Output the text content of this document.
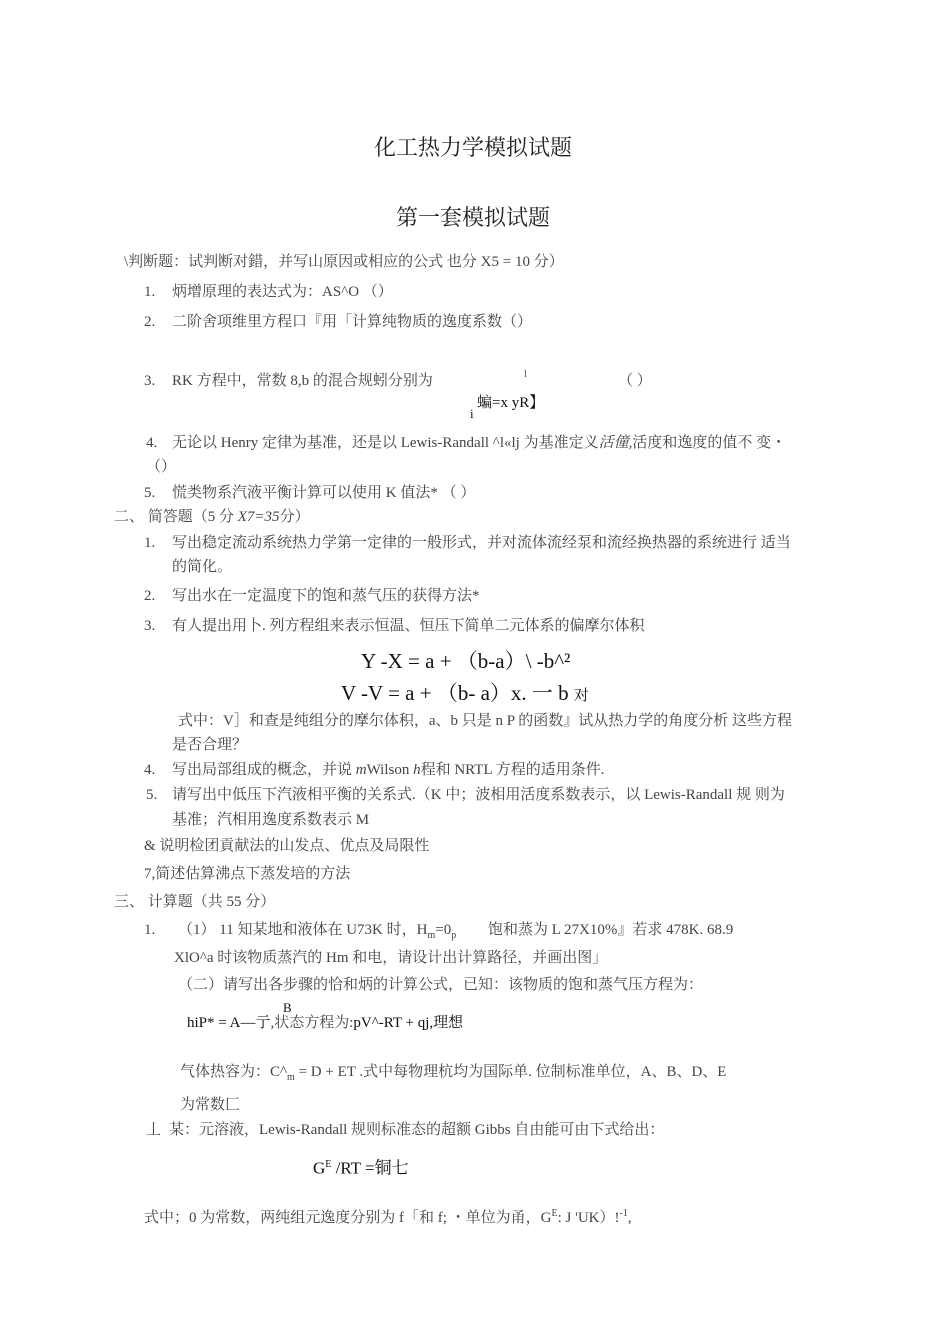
化工热力学模拟试题
第一套模拟试题
\判断题：试判断对錯，并写山原因或相应的公式 也分 X5 = 10 分）
1. 炳增原理的表达式为：AS^O （）
2. 二阶舍项维里方程口『用「计算纯物质的逸度系数（）
3. RK 方程中，常数 8,b 的混合规蚓分别为	l	（ ）
i
蝙=x yR】
4. 无论以 Henry 定律为基准，还是以 Lewis-Randall ^l«lj 为基准定义活僮,活度和逸度的值不 变・
（）
5. 慌类物系汽液平衡计算可以使用 K 值法* （ ）
二、 简答题（5 分 X7=35分）
1. 写出稳定流动系统热力学第一定律的一般形式，并对流体流经泵和流经换热器的系统进行 适当
的简化。
2. 写出水在一定温度下的饱和蒸气压的获得方法*
3. 有人提出用卜. 列方程组来表示恒温、恒压下简单二元体系的偏摩尔体积
Y -X = a + （b-a）\ -b^²
V -V = a + （b- a）x. 一 b 对
式中：V］和查是纯组分的摩尔体积，a、b 只是 n P 的函数』试从热力学的角度分析 这些方程
是否合理？
4. 写出局部组成的概念，并说 mWilson h程和 NRTL 方程的适用条件.
5. 请写出中低压下汽液相平衡的关系式.（K 中；波相用活度系数表示，以 Lewis-Randall 规 则为
基准；汽相用逸度系数表示 M
& 说明检团貢献法的山发点、优点及局限性
7,简述估算沸点下蒸发培的方法
三、 计算题（共 55 分）
1. （1） 11 知某地和液体在 U73K 时，$H_m=0_p$ 饱和蒸为 L 27X10%』若求 478K. 68.9
XlO^a 时该物质蒸汽的 Hm 和电，请设计出计算路径，并画出图」
（二）请写出各步骤的恰和炳的计算公式，已知：该物质的饱和蒸气压方程为：
B
hiP* = A—亍,状态方程为:pV^-RT + qj,理想
气体热容为：$C\^{}_m = D$ + ET .式中每物理杭均为国际单. 位制标准单位，A、B、D、E
为常数匚
丄 某：元溶液，Lewis-Randall 规则标准态的超额 Gibbs 自由能可由下式给出：
$G^E$ /RT =铜七
式中；0 为常数，两纯组元逸度分别为 f「和 f; ・单位为甬，$G^E$: J 'UK）!$^{-1}$,
